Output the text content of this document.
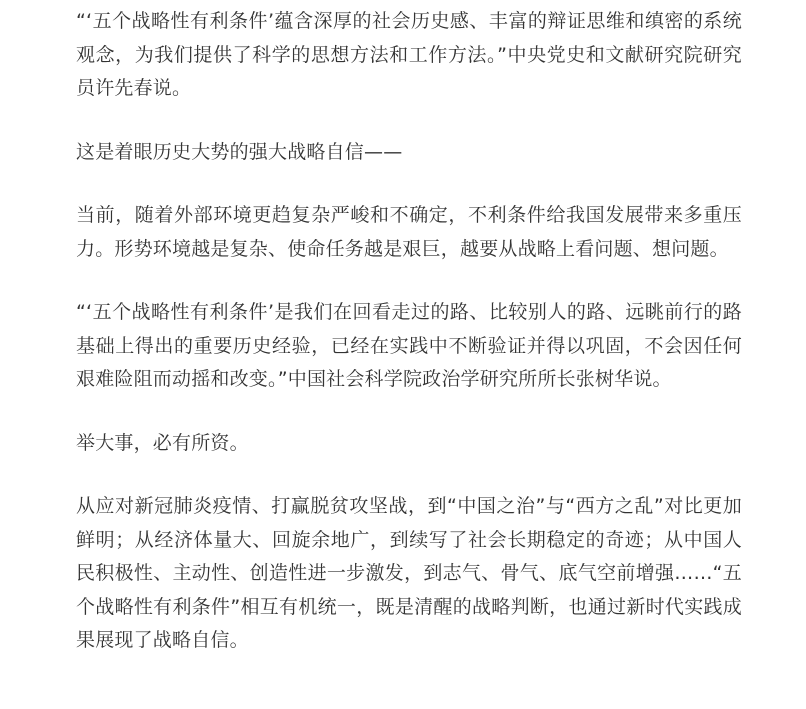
“‘五个战略性有利条件’蕴含深厚的社会历史感、丰富的辩证思维和缜密的系统观念，为我们提供了科学的思想方法和工作方法。”中央党史和文献研究院研究员许先春说。

这是着眼历史大势的强大战略自信——

当前，随着外部环境更趋复杂严峻和不确定，不利条件给我国发展带来多重压力。形势环境越是复杂、使命任务越是艰巨，越要从战略上看问题、想问题。

“‘五个战略性有利条件’是我们在回看走过的路、比较别人的路、远眺前行的路基础上得出的重要历史经验，已经在实践中不断验证并得以巩固，不会因任何艰难险阻而动摇和改变。”中国社会科学院政治学研究所所长张树华说。

举大事，必有所资。

从应对新冠肺炎疫情、打赢脱贫攻坚战，到“中国之治”与“西方之乱”对比更加鲜明；从经济体量大、回旋余地广，到续写了社会长期稳定的奇迹；从中国人民积极性、主动性、创造性进一步激发，到志气、骨气、底气空前增强……“五个战略性有利条件”相互有机统一，既是清醒的战略判断，也通过新时代实践成果展现了战略自信。
